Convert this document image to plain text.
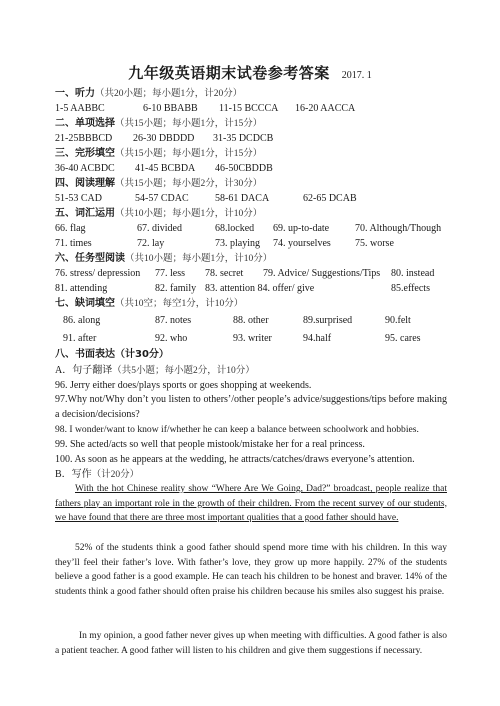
九年级英语期末试卷参考答案 2017. 1
一、听力（共20小题；每小题1分，计20分）
1-5 AABBC	6-10 BBABB 11-15 BCCCA 16-20 AACCA
二、单项选择（共15小题；每小题1分，计15分）
21-25BBBCD 26-30 DBDDD 31-35 DCDCB
三、完形填空（共15小题；每小题1分，计15分）
36-40 ACBDC 41-45 BCBDA 46-50CBDDB
四、阅读理解（共15小题；每小题2分，计30分）
51-53 CAD	54-57 CDAC	58-61 DACA	62-65 DCAB
五、词汇运用（共10小题；每小题1分，计10分）
66. flag	67. divided	68.locked 69. up-to-date	70. Although/Though
71. times	72. lay	73. playing 74. yourselves 75. worse
六、任务型阅读（共10小题；每小题1分，计10分）
76. stress/ depression 77. less 78. secret 79. Advice/ Suggestions/Tips 80. instead
81. attending	82. family 83. attention 84. offer/ give	85.effects
七、缺词填空（共10空；每空1分，计10分）
86. along	87. notes	88. other	89.surprised	90.felt
91. after	92. who	93. writer	94.half	95. cares
八、书面表达（计30分）
A．句子翻译（共5小题；每小题2分，计10分）
96. Jerry either does/plays sports or goes shopping at weekends.
97.Why not/Why don’t you listen to others’/other people’s advice/suggestions/tips before making a decision/decisions?
98. I wonder/want to know if/whether he can keep a balance between schoolwork and hobbies.
99. She acted/acts so well that people mistook/mistake her for a real princess.
100. As soon as he appears at the wedding, he attracts/catches/draws everyone’s attention.
B．写作（计20分）
With the hot Chinese reality show “Where Are We Going, Dad?” broadcast, people realize that fathers play an important role in the growth of their children. From the recent survey of our students, we have found that there are three most important qualities that a good father should have.
52% of the students think a good father should spend more time with his children. In this way they’ll feel their father’s love. With father’s love, they grow up more happily. 27% of the students believe a good father is a good example. He can teach his children to be honest and braver. 14% of the students think a good father should often praise his children because his smiles also suggest his praise.
In my opinion, a good father never gives up when meeting with difficulties. A good father is also a patient teacher. A good father will listen to his children and give them suggestions if necessary.
